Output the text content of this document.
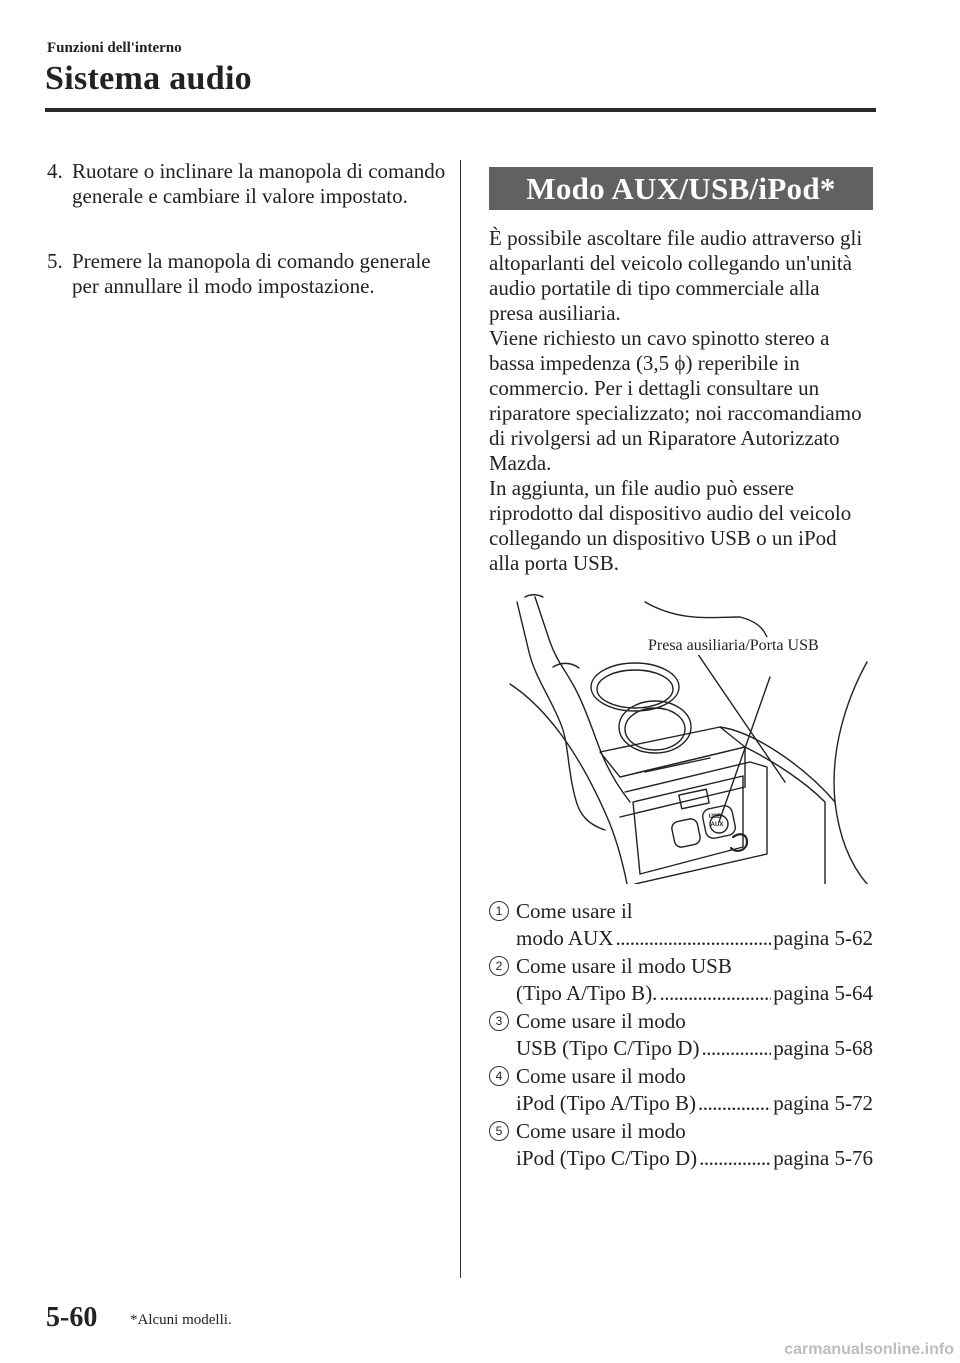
Funzioni dell'interno
Sistema audio
4. Ruotare o inclinare la manopola di comando generale e cambiare il valore impostato.
5. Premere la manopola di comando generale per annullare il modo impostazione.
Modo AUX/USB/iPod*

È possibile ascoltare file audio attraverso gli altoparlanti del veicolo collegando un'unità audio portatile di tipo commerciale alla presa ausiliaria.

Viene richiesto un cavo spinotto stereo a bassa impedenza (3,5 ϕ) reperibile in commercio. Per i dettagli consultare un riparatore specializzato; noi raccomandiamo di rivolgersi ad un Riparatore Autorizzato Mazda.

In aggiunta, un file audio può essere riprodotto dal dispositivo audio del veicolo collegando un dispositivo USB o un iPod alla porta USB.

USB
AUX
Presa ausiliaria/Porta USB
1 Come usare il
modo AUX .....	pagina 5-62
2 Come usare il modo USB
(Tipo A/Tipo B). .....	pagina 5-64
3 Come usare il modo
USB (Tipo C/Tipo D) .....	pagina 5-68
4 Come usare il modo
iPod (Tipo A/Tipo B) .....	pagina 5-72
5 Come usare il modo
iPod (Tipo C/Tipo D) .....	pagina 5-76
5-60 *Alcuni modelli.
carmanualsonline.info
